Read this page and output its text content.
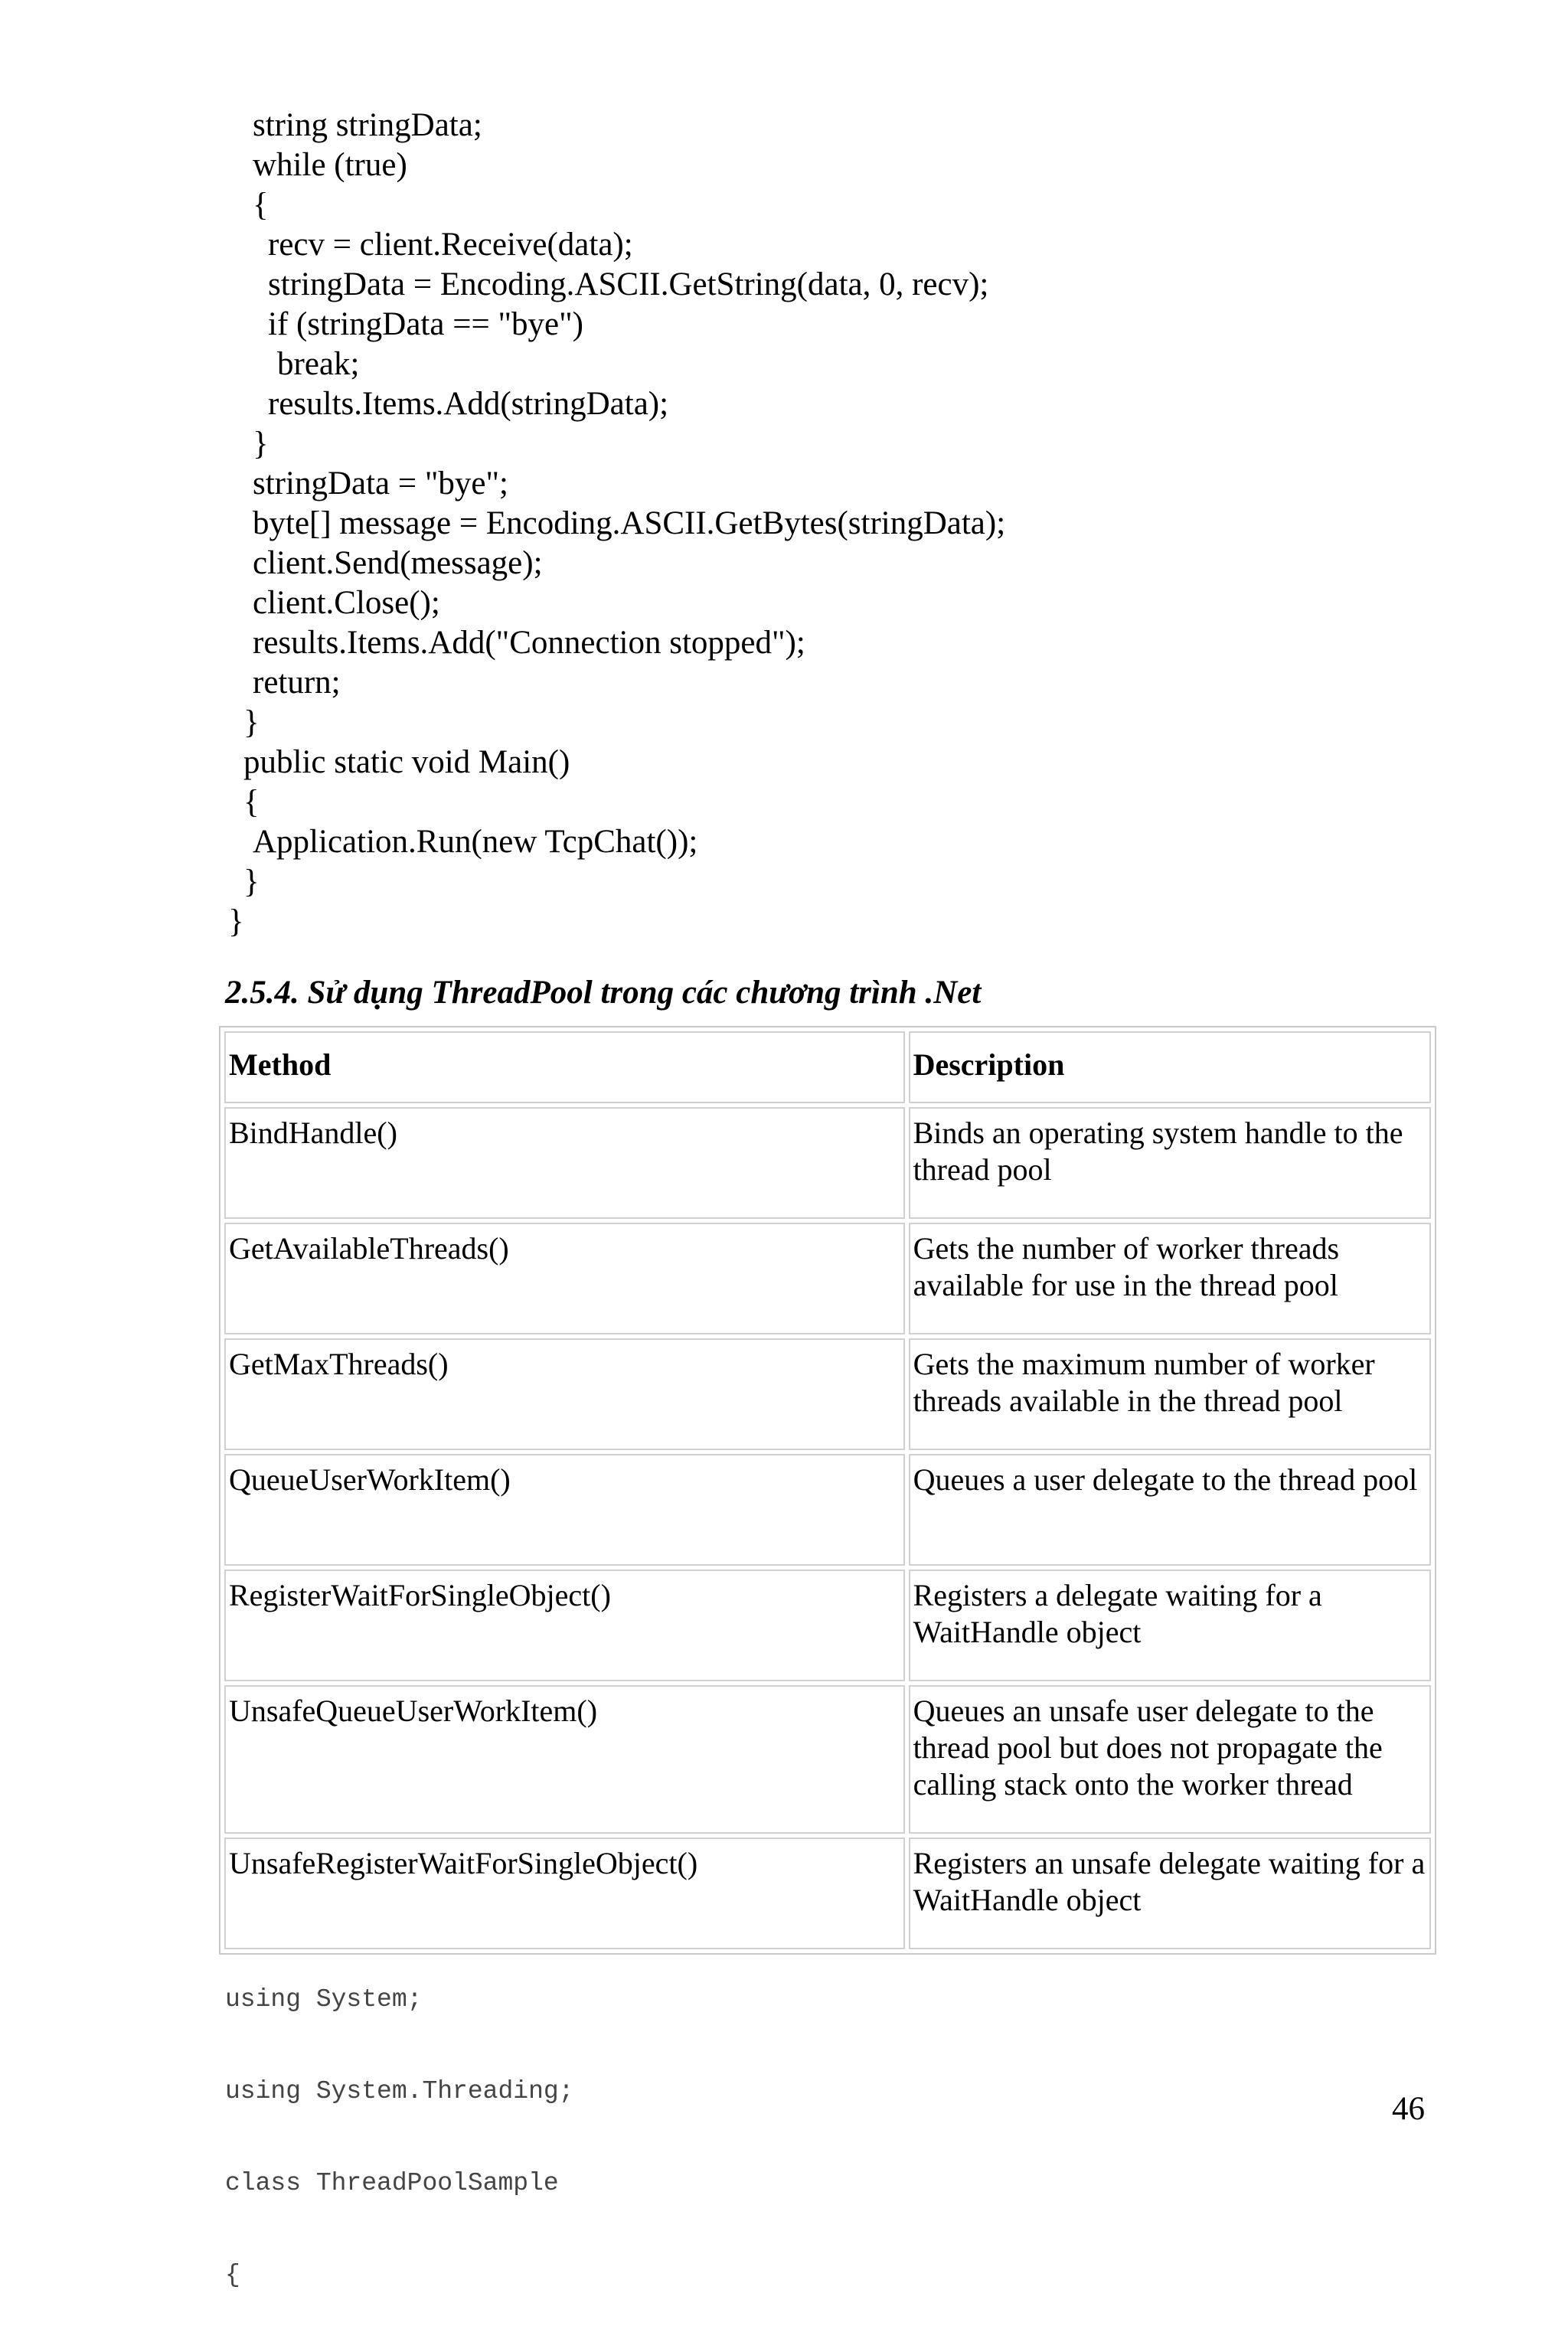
string stringData;
while (true)
{
recv = client.Receive(data);
stringData = Encoding.ASCII.GetString(data, 0, recv);
if (stringData == "bye")
break;
results.Items.Add(stringData);
}
stringData = "bye";
byte[] message = Encoding.ASCII.GetBytes(stringData);
client.Send(message);
client.Close();
results.Items.Add("Connection stopped");
return;
}
public static void Main()
{
Application.Run(new TcpChat());
}
}
2.5.4. Sử dụng ThreadPool trong các chương trình .Net
Method	Description
BindHandle()	Binds an operating system handle to the thread pool
GetAvailableThreads()	Gets the number of worker threads available for use in the thread pool
GetMaxThreads()	Gets the maximum number of worker threads available in the thread pool
QueueUserWorkItem()	Queues a user delegate to the thread pool
RegisterWaitForSingleObject()	Registers a delegate waiting for a WaitHandle object
UnsafeQueueUserWorkItem()	Queues an unsafe user delegate to the thread pool but does not propagate the calling stack onto the worker thread
UnsafeRegisterWaitForSingleObject()	Registers an unsafe delegate waiting for a WaitHandle object

using System;

using System.Threading;

class ThreadPoolSample

{

46
